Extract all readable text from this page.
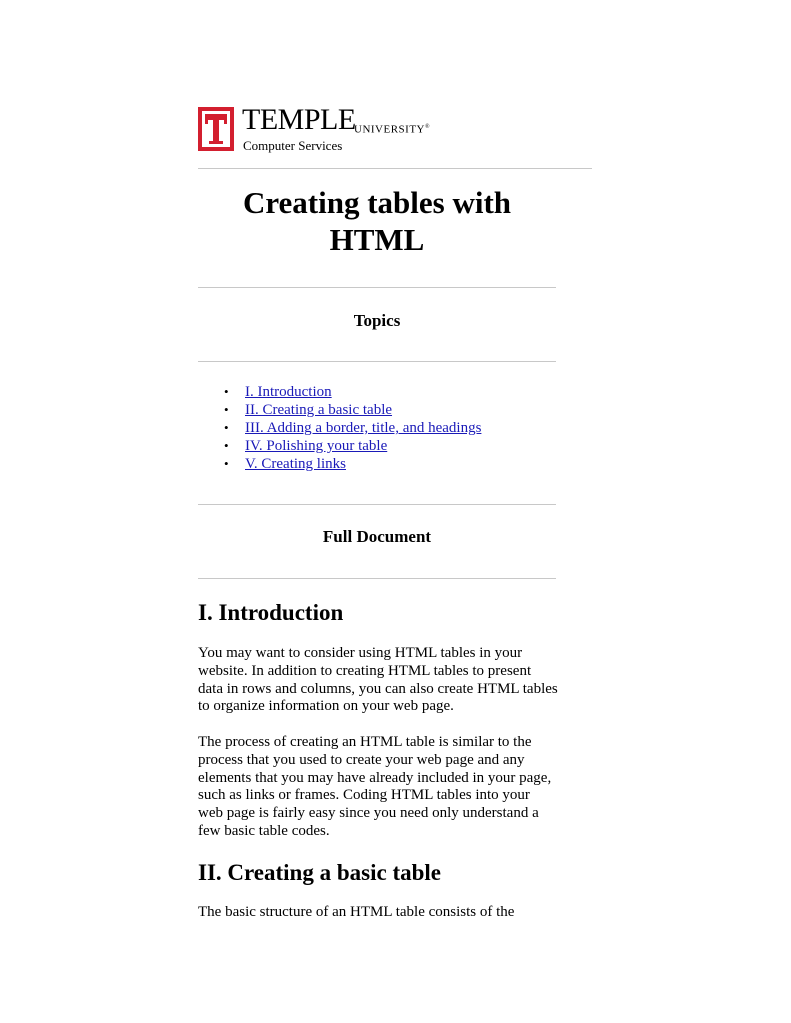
TEMPLE
UNIVERSITY®
Computer Services
Creating tables with HTML
Topics
• I. Introduction
• II. Creating a basic table
• III. Adding a border, title, and headings
• IV. Polishing your table
• V. Creating links
Full Document
I. Introduction

You may want to consider using HTML tables in your website. In addition to creating HTML tables to present data in rows and columns, you can also create HTML tables to organize information on your web page.

The process of creating an HTML table is similar to the process that you used to create your web page and any elements that you may have already included in your page, such as links or frames. Coding HTML tables into your web page is fairly easy since you need only understand a few basic table codes.

II. Creating a basic table

The basic structure of an HTML table consists of the
